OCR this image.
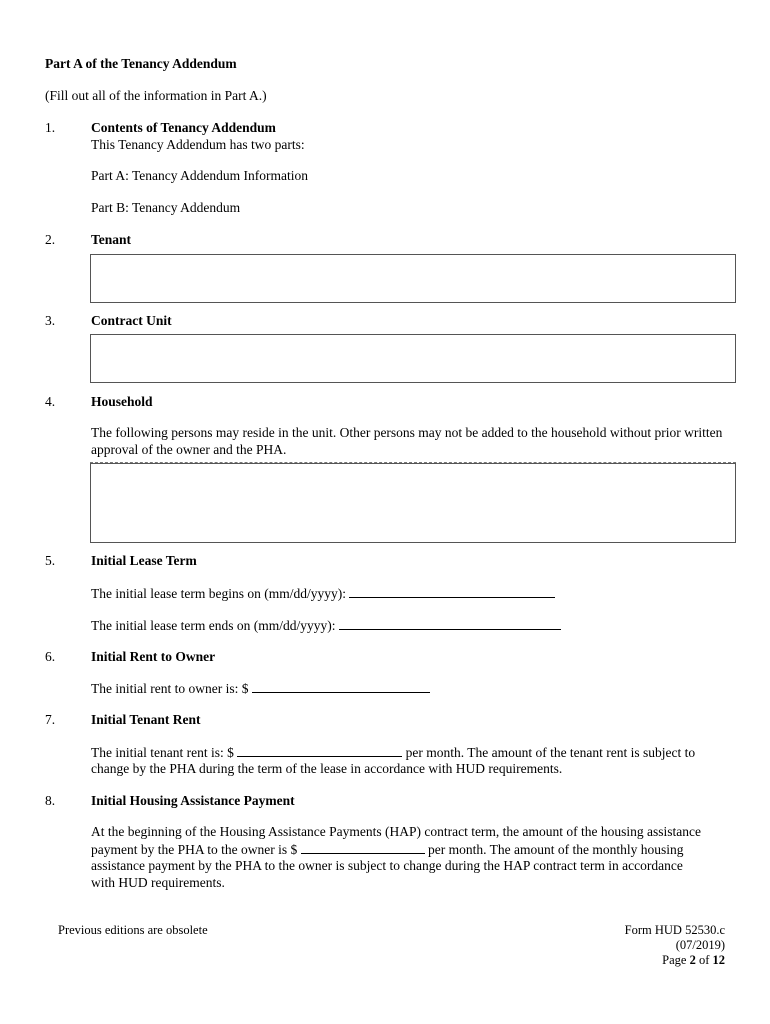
Part A of the Tenancy Addendum
(Fill out all of the information in Part A.)
1.	Contents of Tenancy Addendum
This Tenancy Addendum has two parts:
Part A: Tenancy Addendum Information
Part B: Tenancy Addendum
2.	Tenant
3.	Contract Unit
4.	Household
The following persons may reside in the unit. Other persons may not be added to the household without prior written approval of the owner and the PHA.
5.	Initial Lease Term
The initial lease term begins on (mm/dd/yyyy):
The initial lease term ends on (mm/dd/yyyy):
6.	Initial Rent to Owner
The initial rent to owner is: $
7.	Initial Tenant Rent
The initial tenant rent is: $	per month. The amount of the tenant rent is subject to
change by the PHA during the term of the lease in accordance with HUD requirements.
8.	Initial Housing Assistance Payment
At the beginning of the Housing Assistance Payments (HAP) contract term, the amount of the housing assistance
payment by the PHA to the owner is $	per month. The amount of the monthly housing
assistance payment by the PHA to the owner is subject to change during the HAP contract term in accordance
with HUD requirements.
Previous editions are obsolete	Form HUD 52530.c
(07/2019)
Page 2 of 12
